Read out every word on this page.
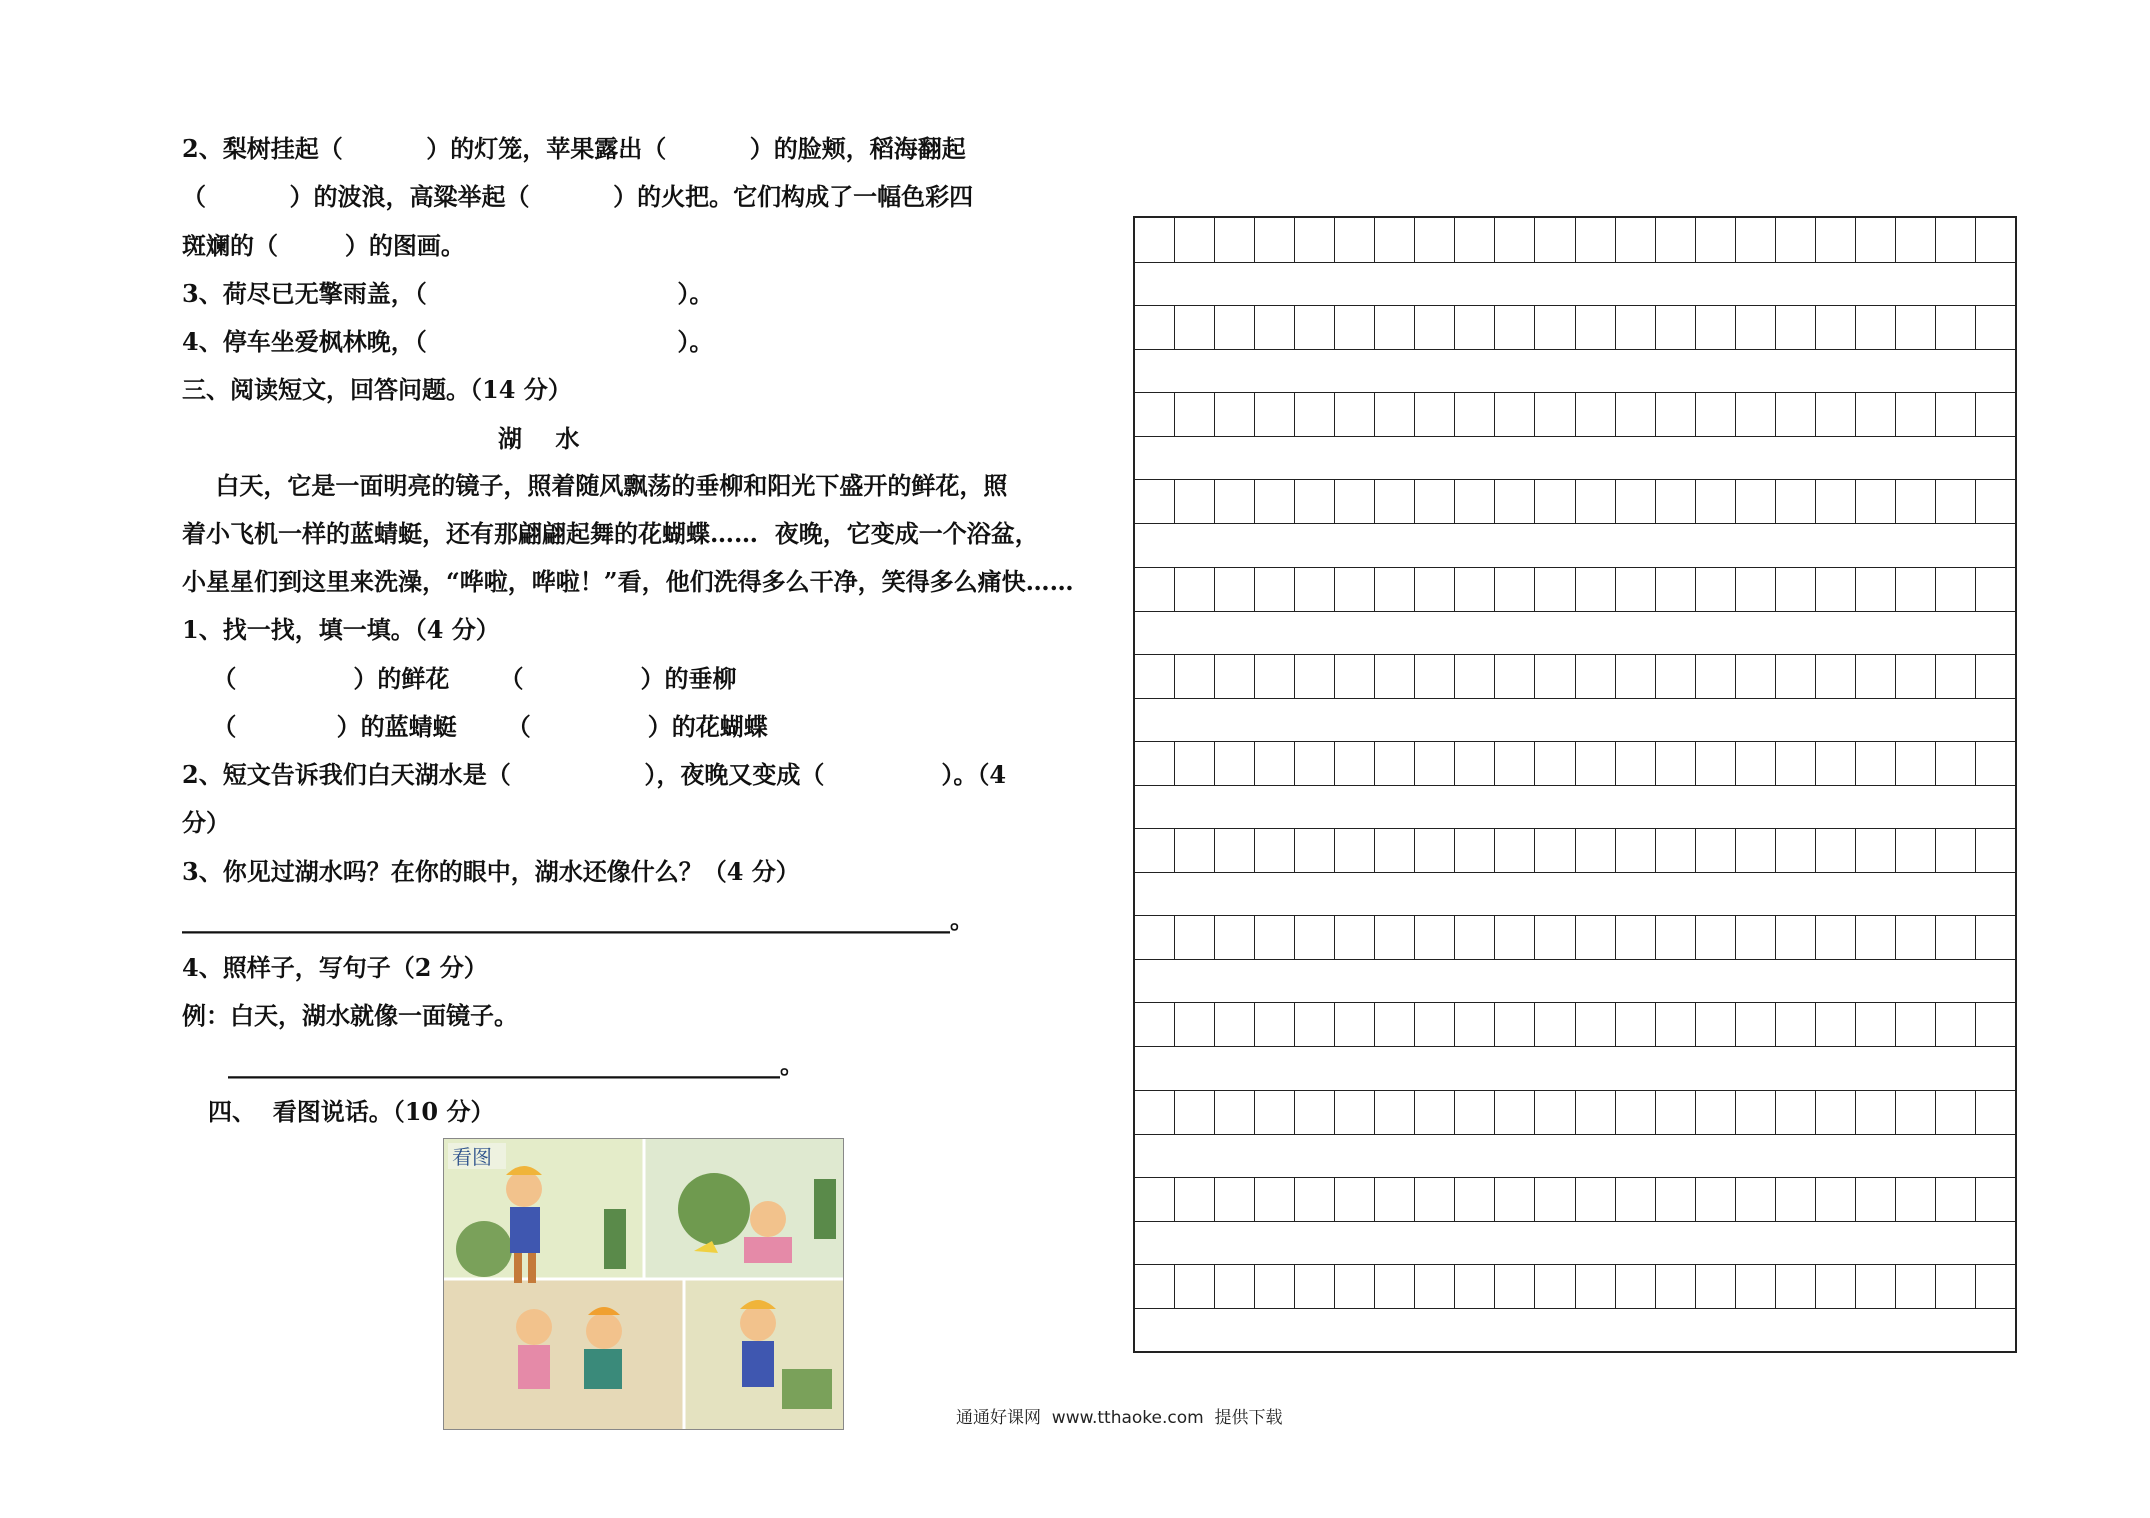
2、梨树挂起（          ）的灯笼，苹果露出（          ）的脸颊，稻海翻起
（          ）的波浪，高粱举起（          ）的火把。它们构成了一幅色彩四
斑斓的（        ）的图画。
3、荷尽已无擎雨盖，（                              ）。
4、停车坐爱枫林晚，（                              ）。
三、阅读短文，回答问题。（14 分）
湖    水
白天，它是一面明亮的镜子，照着随风飘荡的垂柳和阳光下盛开的鲜花，照
着小飞机一样的蓝蜻蜓，还有那翩翩起舞的花蝴蝶……  夜晚，它变成一个浴盆，
小星星们到这里来洗澡，“哗啦，哗啦！”看，他们洗得多么干净，笑得多么痛快……
1、找一找，填一填。（4 分）
（              ）的鲜花      （              ）的垂柳
（            ）的蓝蜻蜓      （              ）的花蝴蝶
2、短文告诉我们白天湖水是（                ），夜晚又变成（              ）。（4
分）
3、你见过湖水吗？在你的眼中，湖水还像什么？（4 分）
________________________________________________________________。
4、照样子，写句子（2 分）
例：白天，湖水就像一面镜子。
______________________________________________。
四、  看图说话。（10 分）
看图
通通好课网  www.tthaoke.com  提供下载
